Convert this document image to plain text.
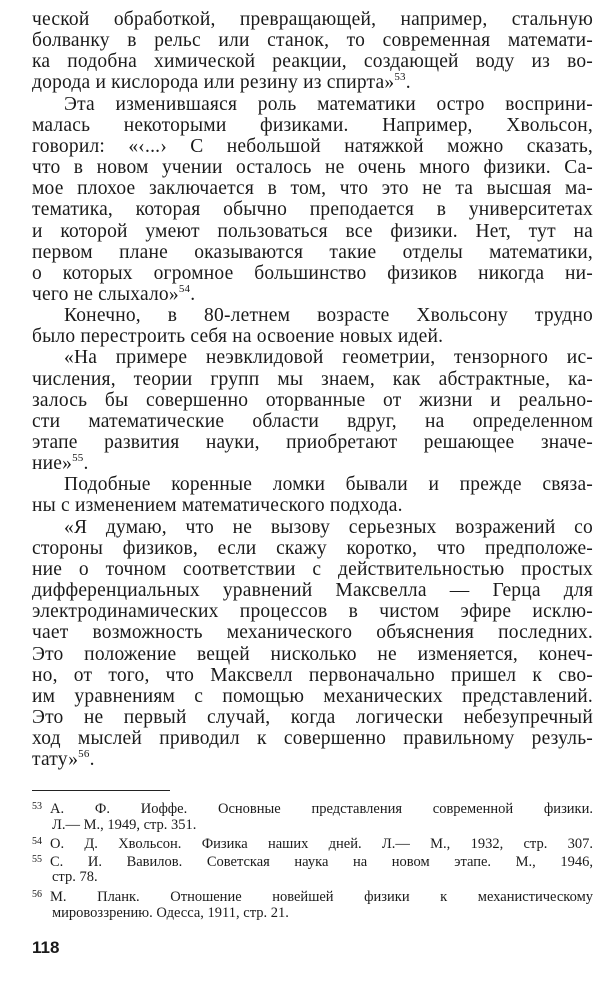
ческой обработкой, превращающей, например, стальную
болванку в рельс или станок, то современная математи-
ка подобна химической реакции, создающей воду из во-
дорода и кислорода или резину из спирта»$^{53}$.
Эта изменившаяся роль математики остро восприни-
малась некоторыми физиками. Например, Хвольсон,
говорил: «‹...› С небольшой натяжкой можно сказать,
что в новом учении осталось не очень много физики. Са-
мое плохое заключается в том, что это не та высшая ма-
тематика, которая обычно преподается в университетах
и которой умеют пользоваться все физики. Нет, тут на
первом плане оказываются такие отделы математики,
о которых огромное большинство физиков никогда ни-
чего не слыхало»$^{54}$.
Конечно, в 80-летнем возрасте Хвольсону трудно
было перестроить себя на освоение новых идей.
«На примере неэвклидовой геометрии, тензорного ис-
числения, теории групп мы знаем, как абстрактные, ка-
залось бы совершенно оторванные от жизни и реально-
сти математические области вдруг, на определенном
этапе развития науки, приобретают решающее значе-
ние»$^{55}$.
Подобные коренные ломки бывали и прежде связа-
ны с изменением математического подхода.
«Я думаю, что не вызову серьезных возражений со
стороны физиков, если скажу коротко, что предположе-
ние о точном соответствии с действительностью простых
дифференциальных уравнений Максвелла — Герца для
электродинамических процессов в чистом эфире исклю-
чает возможность механического объяснения последних.
Это положение вещей нисколько не изменяется, конеч-
но, от того, что Максвелл первоначально пришел к сво-
им уравнениям с помощью механических представлений.
Это не первый случай, когда логически небезупречный
ход мыслей приводил к совершенно правильному резуль-
тату»$^{56}$.
53 А. Ф. Иоффе. Основные представления современной физики.
Л.— М., 1949, стр. 351.
54 О. Д. Хвольсон. Физика наших дней. Л.— М., 1932, стр. 307.
55 С. И. Вавилов. Советская наука на новом этапе. М., 1946,
стр. 78.
56 М. Планк. Отношение новейшей физики к механистическому
мировоззрению. Одесса, 1911, стр. 21.
118
